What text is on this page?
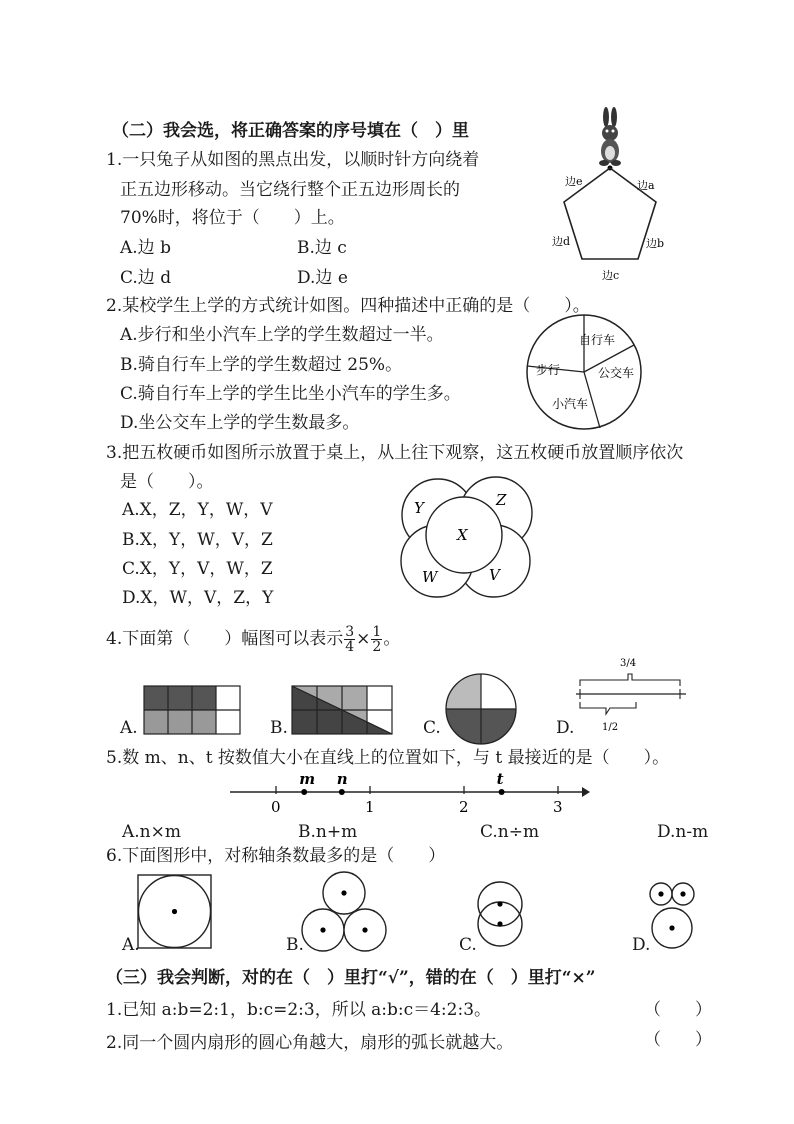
（二）我会选，将正确答案的序号填在（　）里
1.一只兔子从如图的黑点出发，以顺时针方向绕着
正五边形移动。当它绕行整个正五边形周长的
70%时，将位于（　　）上。
A.边 b	B.边 c
C.边 d	D.边 e
边e	边a
边d	边b
边c
2.某校学生上学的方式统计如图。四种描述中正确的是（　　）。
A.步行和坐小汽车上学的学生数超过一半。
B.骑自行车上学的学生数超过 25%。
C.骑自行车上学的学生比坐小汽车的学生多。
D.坐公交车上学的学生数最多。
自行车
步行	公交车
小汽车
3.把五枚硬币如图所示放置于桌上，从上往下观察，这五枚硬币放置顺序依次
是（　　）。
A.X，Z，Y，W，V
B.X，Y，W，V，Z
C.X，Y，V，W，Z
D.X，W，V，Z，Y
Y	Z
X
W	V
4.下面第（　　）幅图可以表示 $\frac{3}{4} \times \frac{1}{2}$ 。
A.	B.	C.	D.
3/4
1/2
5.数 m、n、t 按数值大小在直线上的位置如下，与 t 最接近的是（　　）。
0	1	2	3
m n	t
A.n×m	B.n+m	C.n÷m	D.n-m
6.下面图形中，对称轴条数最多的是（　　）
A.	B.	C.	D.
（三）我会判断，对的在（　）里打“√”，错的在（　）里打“×”
1.已知 a:b=2:1，b:c=2:3，所以 a:b:c＝4:2:3。	（　　）
2.同一个圆内扇形的圆心角越大，扇形的弧长就越大。	（　　）
